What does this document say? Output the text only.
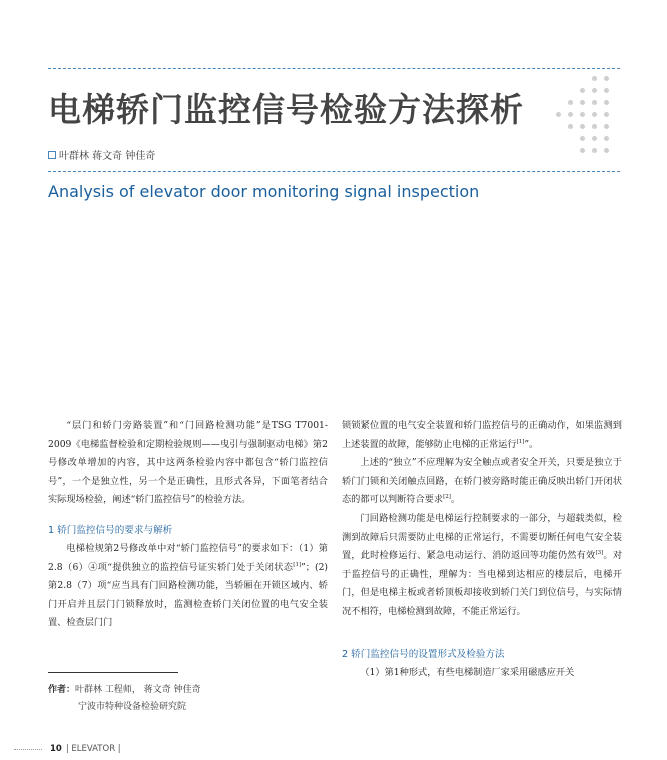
电梯轿门监控信号检验方法探析
叶群林 蒋文奇 钟佳奇
Analysis of elevator door monitoring signal inspection

“层门和轿门旁路装置”和“门回路检测功能”是TSG T7001-2009《电梯监督检验和定期检验规则——曳引与强制驱动电梯》第2号修改单增加的内容，其中这两条检验内容中都包含“轿门监控信号”，一个是独立性，另一个是正确性，且形式各异，下面笔者结合实际现场检验，阐述“轿门监控信号”的检验方法。

1 轿门监控信号的要求与解析

电梯检规第2号修改单中对“轿门监控信号”的要求如下：（1）第2.8（6）④项“提供独立的监控信号证实轿门处于关闭状态[1]”；(2)第2.8（7）项“应当具有门回路检测功能，当轿厢在开锁区域内、轿门开启并且层门门锁释放时，监测检查轿门关闭位置的电气安全装置、检查层门门

锁锁紧位置的电气安全装置和轿门监控信号的正确动作，如果监测到上述装置的故障，能够防止电梯的正常运行[1]”。

上述的“独立”不应理解为安全触点或者安全开关，只要是独立于轿门门锁和关闭触点回路，在轿门被旁路时能正确反映出轿门开闭状态的都可以判断符合要求[2]。

门回路检测功能是电梯运行控制要求的一部分，与超载类似，检测到故障后只需要防止电梯的正常运行，不需要切断任何电气安全装置，此时检修运行、紧急电动运行、消防返回等功能仍然有效[3]。对于监控信号的正确性，理解为：当电梯到达相应的楼层后，电梯开门，但是电梯主板或者轿顶板却接收到轿门关门到位信号，与实际情况不相符，电梯检测到故障，不能正常运行。

2 轿门监控信号的设置形式及检验方法

（1）第1种形式，有些电梯制造厂家采用磁感应开关

作者：叶群林 工程师， 蒋文奇 钟佳奇
宁波市特种设备检验研究院
10 | ELEVATOR |
